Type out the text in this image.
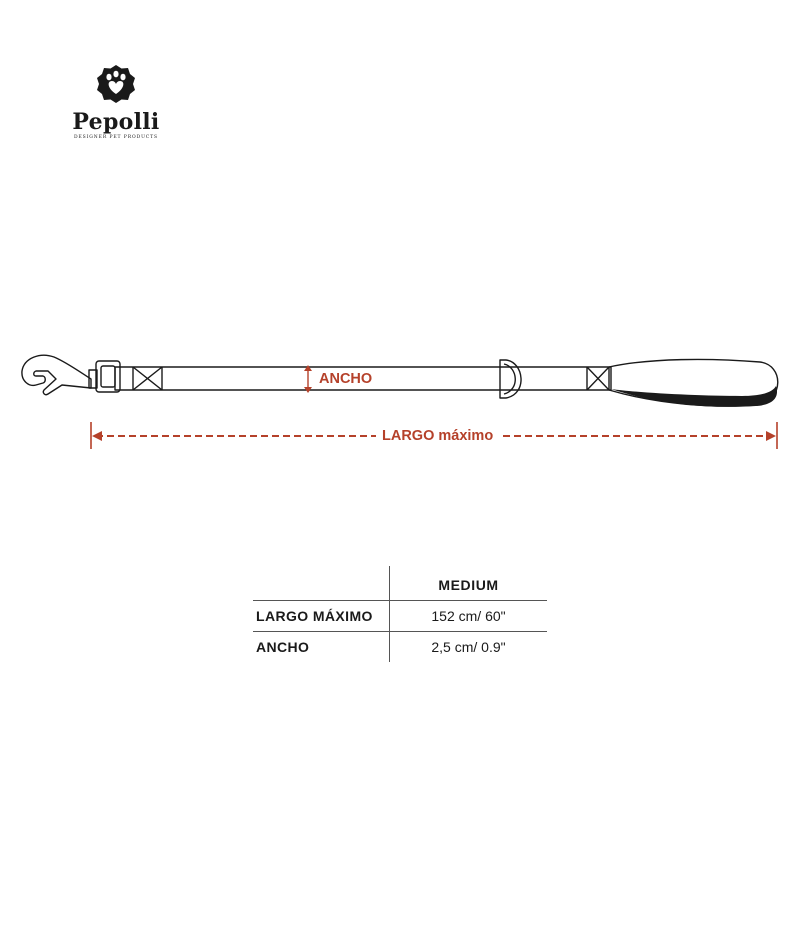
Pepolli
DESIGNER PET PRODUCTS
ANCHO
LARGO máximo
	MEDIUM
LARGO MÁXIMO	152 cm/ 60"
ANCHO	2,5 cm/ 0.9"
